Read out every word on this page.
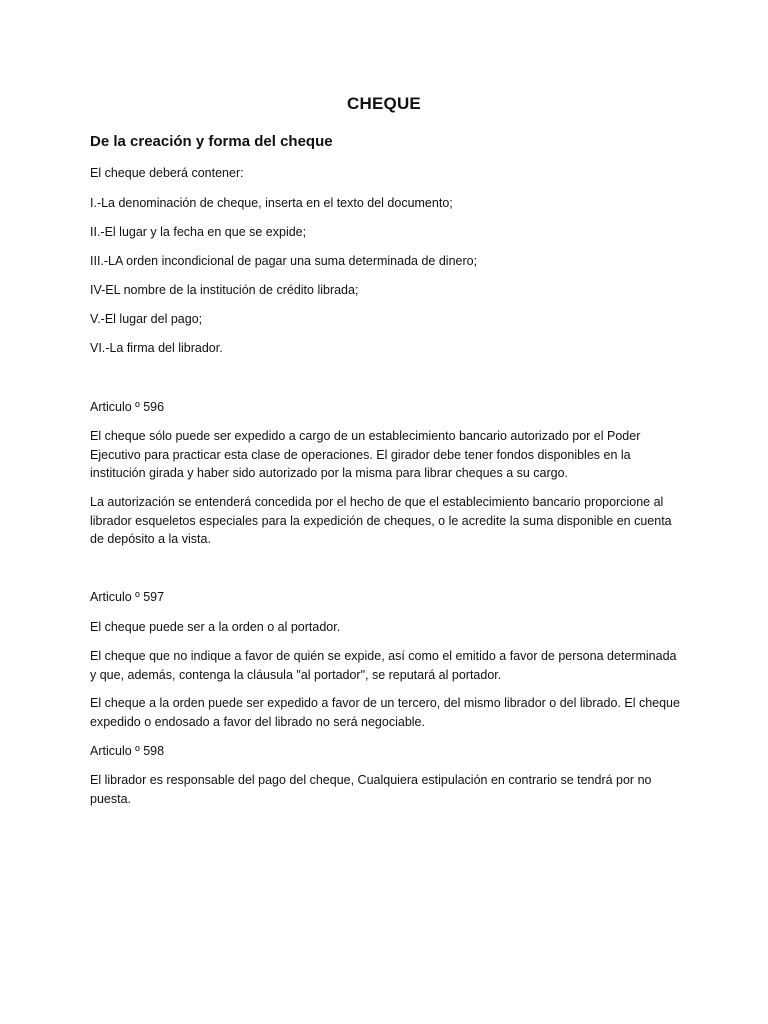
CHEQUE
De la creación y forma del cheque
El cheque deberá contener:
I.-La denominación de cheque, inserta en el texto del documento;
II.-El lugar y la fecha en que se expide;
III.-LA orden incondicional de pagar una suma determinada de dinero;
IV-EL nombre de la institución de crédito librada;
V.-El lugar del pago;
VI.-La firma del librador.
Articulo º 596
El cheque sólo puede ser expedido a cargo de un establecimiento bancario autorizado por el Poder Ejecutivo para practicar esta clase de operaciones. El girador debe tener fondos disponibles en la institución girada y haber sido autorizado por la misma para librar cheques a su cargo.
La autorización se entenderá concedida por el hecho de que el establecimiento bancario proporcione al librador esqueletos especiales para la expedición de cheques, o le acredite la suma disponible en cuenta de depósito a la vista.
Articulo º 597
El cheque puede ser a la orden o al portador.
El cheque que no indique a favor de quién se expide, así como el emitido a favor de persona determinada y que, además, contenga la cláusula "al portador", se reputará al portador.
El cheque a la orden puede ser expedido a favor de un tercero, del mismo librador o del librado. El cheque expedido o endosado a favor del librado no será negociable.
Articulo º 598
El librador es responsable del pago del cheque, Cualquiera estipulación en contrario se tendrá por no puesta.
